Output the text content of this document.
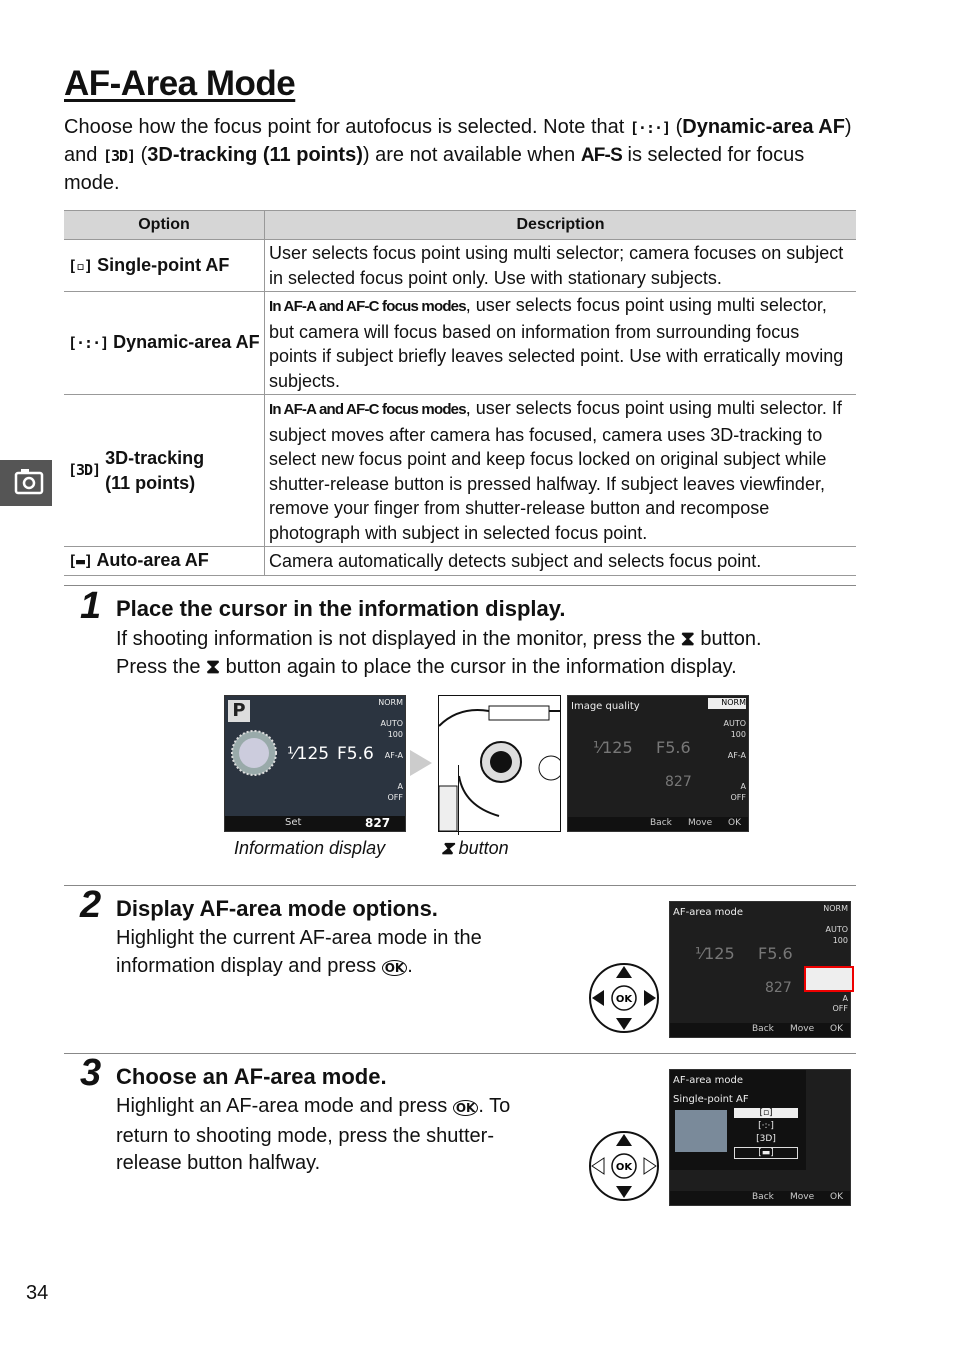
AF-Area Mode
Choose how the focus point for autofocus is selected. Note that [·:·] (Dynamic-area AF) and [3D] (3D-tracking (11 points)) are not available when AF-S is selected for focus mode.
Option	Description
[▫] Single-point AF	User selects focus point using multi selector; camera focuses on subject in selected focus point only. Use with stationary subjects.
[·:·] Dynamic-area AF	In AF-A and AF-C focus modes, user selects focus point using multi selector, but camera will focus based on information from surrounding focus points if subject briefly leaves selected point. Use with erratically moving subjects.
[3D] 3D-tracking (11 points)	In AF-A and AF-C focus modes, user selects focus point using multi selector. If subject moves after camera has focused, camera uses 3D-tracking to select new focus point and keep focus locked on original subject while shutter-release button is pressed halfway. If subject leaves viewfinder, remove your finger from shutter-release button and recompose photograph with subject in selected focus point.
[▬] Auto-area AF	Camera automatically detects subject and selects focus point.
1 Place the cursor in the information display.
If shooting information is not displayed in the monitor, press the ⧗ button.
Press the ⧗ button again to place the cursor in the information display.
P
¹⁄125 F5.6
NORM

AUTO
100

AF-A

A
OFF
Set	827
Image quality
¹⁄125 F5.6
827
NORM

AUTO
100

AF-A

A
OFF
Back Move OK
Information display	⧗ button
2 Display AF-area mode options.
Highlight the current AF-area mode in the information display and press OK .
OK
AF-area mode
¹⁄125 F5.6
827
NORM

AUTO
100
A
OFF
Back Move OK
3 Choose an AF-area mode.
Highlight an AF-area mode and press OK . To return to shooting mode, press the shutter-release button halfway.	OK
AF-area mode
Single-point AF
[▫]
[·:·]
[3D]
[▬]
Back Move OK
34
